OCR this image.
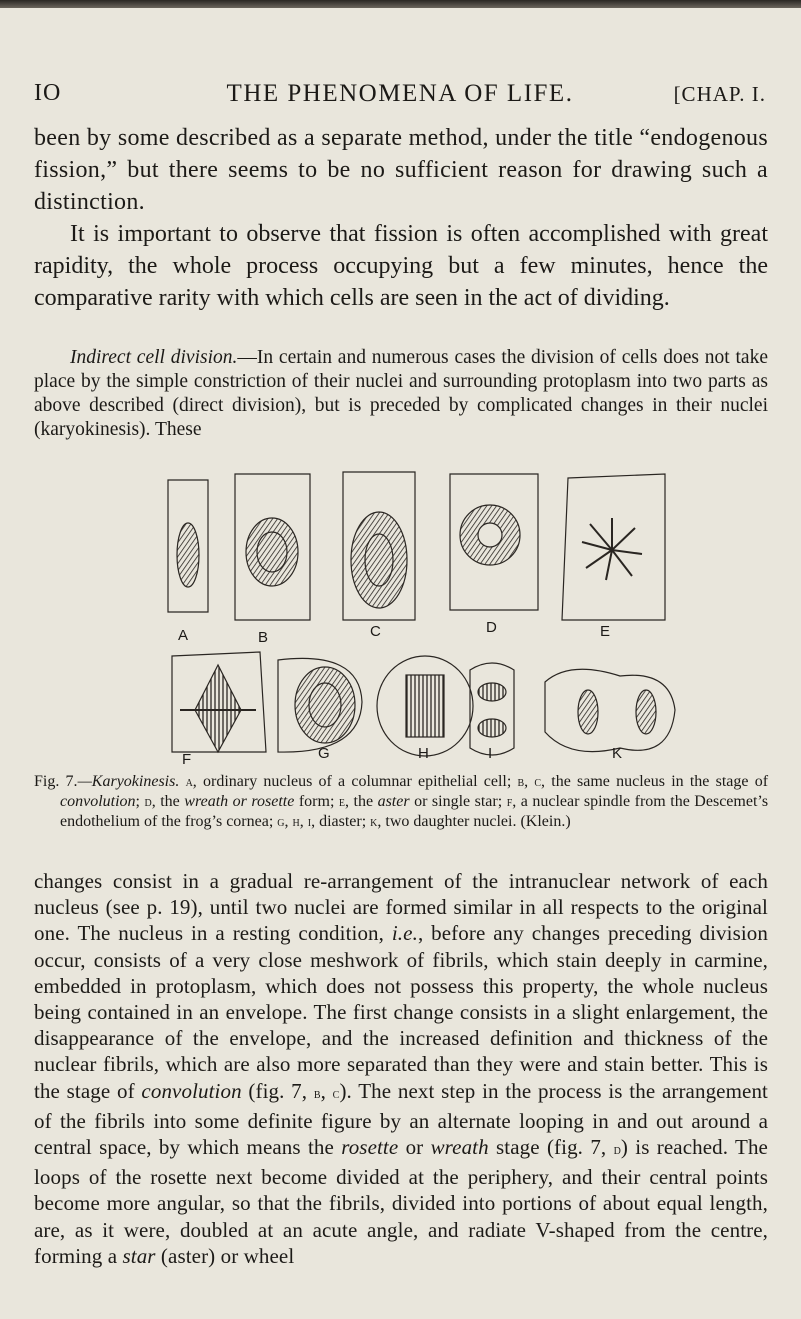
IO	THE PHENOMENA OF LIFE.	[CHAP. I.

been by some described as a separate method, under the title “endogenous fission,” but there seems to be no sufficient reason for drawing such a distinction.

It is important to observe that fission is often accomplished with great rapidity, the whole process occupying but a few minutes, hence the comparative rarity with which cells are seen in the act of dividing.

Indirect cell division.—In certain and numerous cases the division of cells does not take place by the simple constriction of their nuclei and surrounding protoplasm into two parts as above described (direct division), but is preceded by complicated changes in their nuclei (karyokinesis). These

A	B	C	D	E
F	G	H	I	K

Fig. 7.—Karyokinesis. a, ordinary nucleus of a columnar epithelial cell; b, c, the same nucleus in the stage of convolution; d, the wreath or rosette form; e, the aster or single star; f, a nuclear spindle from the Descemet’s endothelium of the frog’s cornea; g, h, i, diaster; k, two daughter nuclei. (Klein.)

changes consist in a gradual re-arrangement of the intranuclear network of each nucleus (see p. 19), until two nuclei are formed similar in all respects to the original one. The nucleus in a resting condition, i.e., before any changes preceding division occur, consists of a very close meshwork of fibrils, which stain deeply in carmine, embedded in protoplasm, which does not possess this property, the whole nucleus being contained in an envelope. The first change consists in a slight enlargement, the disappearance of the envelope, and the increased definition and thickness of the nuclear fibrils, which are also more separated than they were and stain better. This is the stage of convolution (fig. 7, b, c). The next step in the process is the arrangement of the fibrils into some definite figure by an alternate looping in and out around a central space, by which means the rosette or wreath stage (fig. 7, d) is reached. The loops of the rosette next become divided at the periphery, and their central points become more angular, so that the fibrils, divided into portions of about equal length, are, as it were, doubled at an acute angle, and radiate V-shaped from the centre, forming a star (aster) or wheel
